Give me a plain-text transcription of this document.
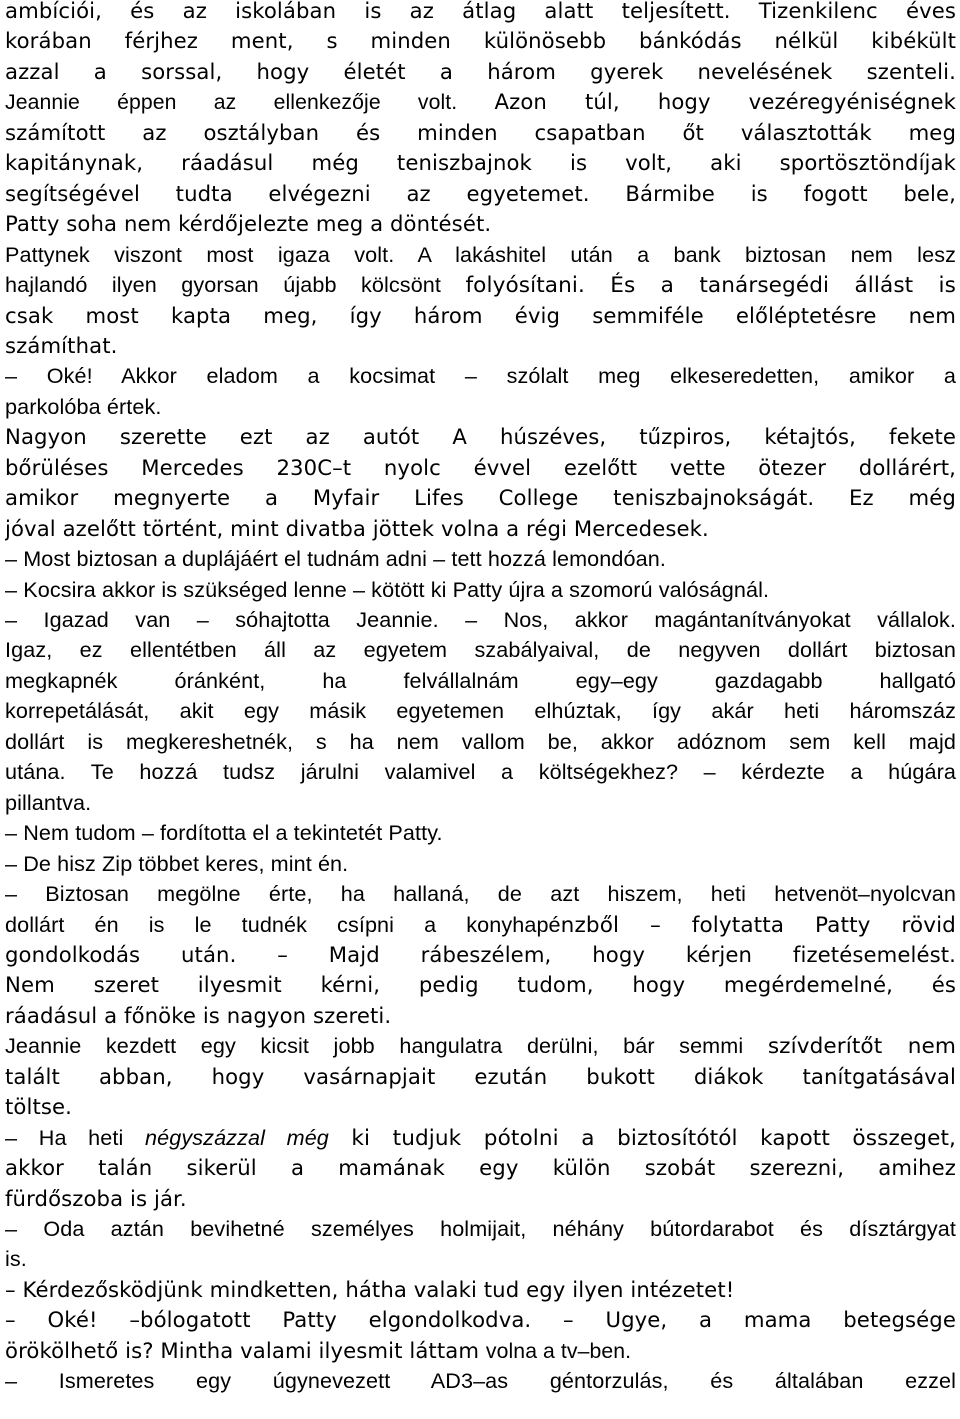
ambíciói, és az iskolában is az átlag alatt teljesített. Tizenkilenc éves
korában férjhez ment, s minden különösebb bánkódás nélkül kibékült
azzal a sorssal, hogy életét a három gyerek nevelésének szenteli.
Jeannie éppen az ellenkezője volt. Azon túl, hogy vezéregyéniségnek
számított az osztályban és minden csapatban őt választották meg
kapitánynak, ráadásul még teniszbajnok is volt, aki sportösztöndíjak
segítségével tudta elvégezni az egyetemet. Bármibe is fogott bele,
Patty soha nem kérdőjelezte meg a döntését.
Pattynek viszont most igaza volt. A lakáshitel után a bank biztosan nem lesz
hajlandó ilyen gyorsan újabb kölcsönt folyósítani. És a tanársegédi állást is
csak most kapta meg, így három évig semmiféle előléptetésre nem
számíthat.
– Oké! Akkor eladom a kocsimat – szólalt meg elkeseredetten, amikor a
parkolóba értek.
Nagyon szerette ezt az autót A húszéves, tűzpiros, kétajtós, fekete
bőrüléses Mercedes 230C–t nyolc évvel ezelőtt vette ötezer dollárért,
amikor megnyerte a Myfair Lifes College teniszbajnokságát. Ez még
jóval azelőtt történt, mint divatba jöttek volna a régi Mercedesek.
– Most biztosan a duplájáért el tudnám adni – tett hozzá lemondóan.
– Kocsira akkor is szükséged lenne – kötött ki Patty újra a szomorú valóságnál.
– Igazad van – sóhajtotta Jeannie. – Nos, akkor magántanítványokat vállalok.
Igaz, ez ellentétben áll az egyetem szabályaival, de negyven dollárt biztosan
megkapnék óránként, ha felvállalnám egy–egy gazdagabb hallgató
korrepetálását, akit egy másik egyetemen elhúztak, így akár heti háromszáz
dollárt is megkereshetnék, s ha nem vallom be, akkor adóznom sem kell majd
utána. Te hozzá tudsz járulni valamivel a költségekhez? – kérdezte a húgára
pillantva.
– Nem tudom – fordította el a tekintetét Patty.
– De hisz Zip többet keres, mint én.
– Biztosan megölne érte, ha hallaná, de azt hiszem, heti hetvenöt–nyolcvan
dollárt én is le tudnék csípni a konyhapénzből – folytatta Patty rövid
gondolkodás után. – Majd rábeszélem, hogy kérjen fizetésemelést.
Nem szeret ilyesmit kérni, pedig tudom, hogy megérdemelné, és
ráadásul a főnöke is nagyon szereti.
Jeannie kezdett egy kicsit jobb hangulatra derülni, bár semmi szívderítőt nem
talált abban, hogy vasárnapjait ezután bukott diákok tanítgatásával
töltse.
– Ha heti négyszázzal még ki tudjuk pótolni a biztosítótól kapott összeget,
akkor talán sikerül a mamának egy külön szobát szerezni, amihez
fürdőszoba is jár.
– Oda aztán bevihetné személyes holmijait, néhány bútordarabot és dísztárgyat
is.
– Kérdezősködjünk mindketten, hátha valaki tud egy ilyen intézetet!
– Oké! –bólogatott Patty elgondolkodva. – Ugye, a mama betegsége
örökölhető is? Mintha valami ilyesmit láttam volna a tv–ben.
– Ismeretes egy úgynevezett AD3–as géntorzulás, és általában ezzel
